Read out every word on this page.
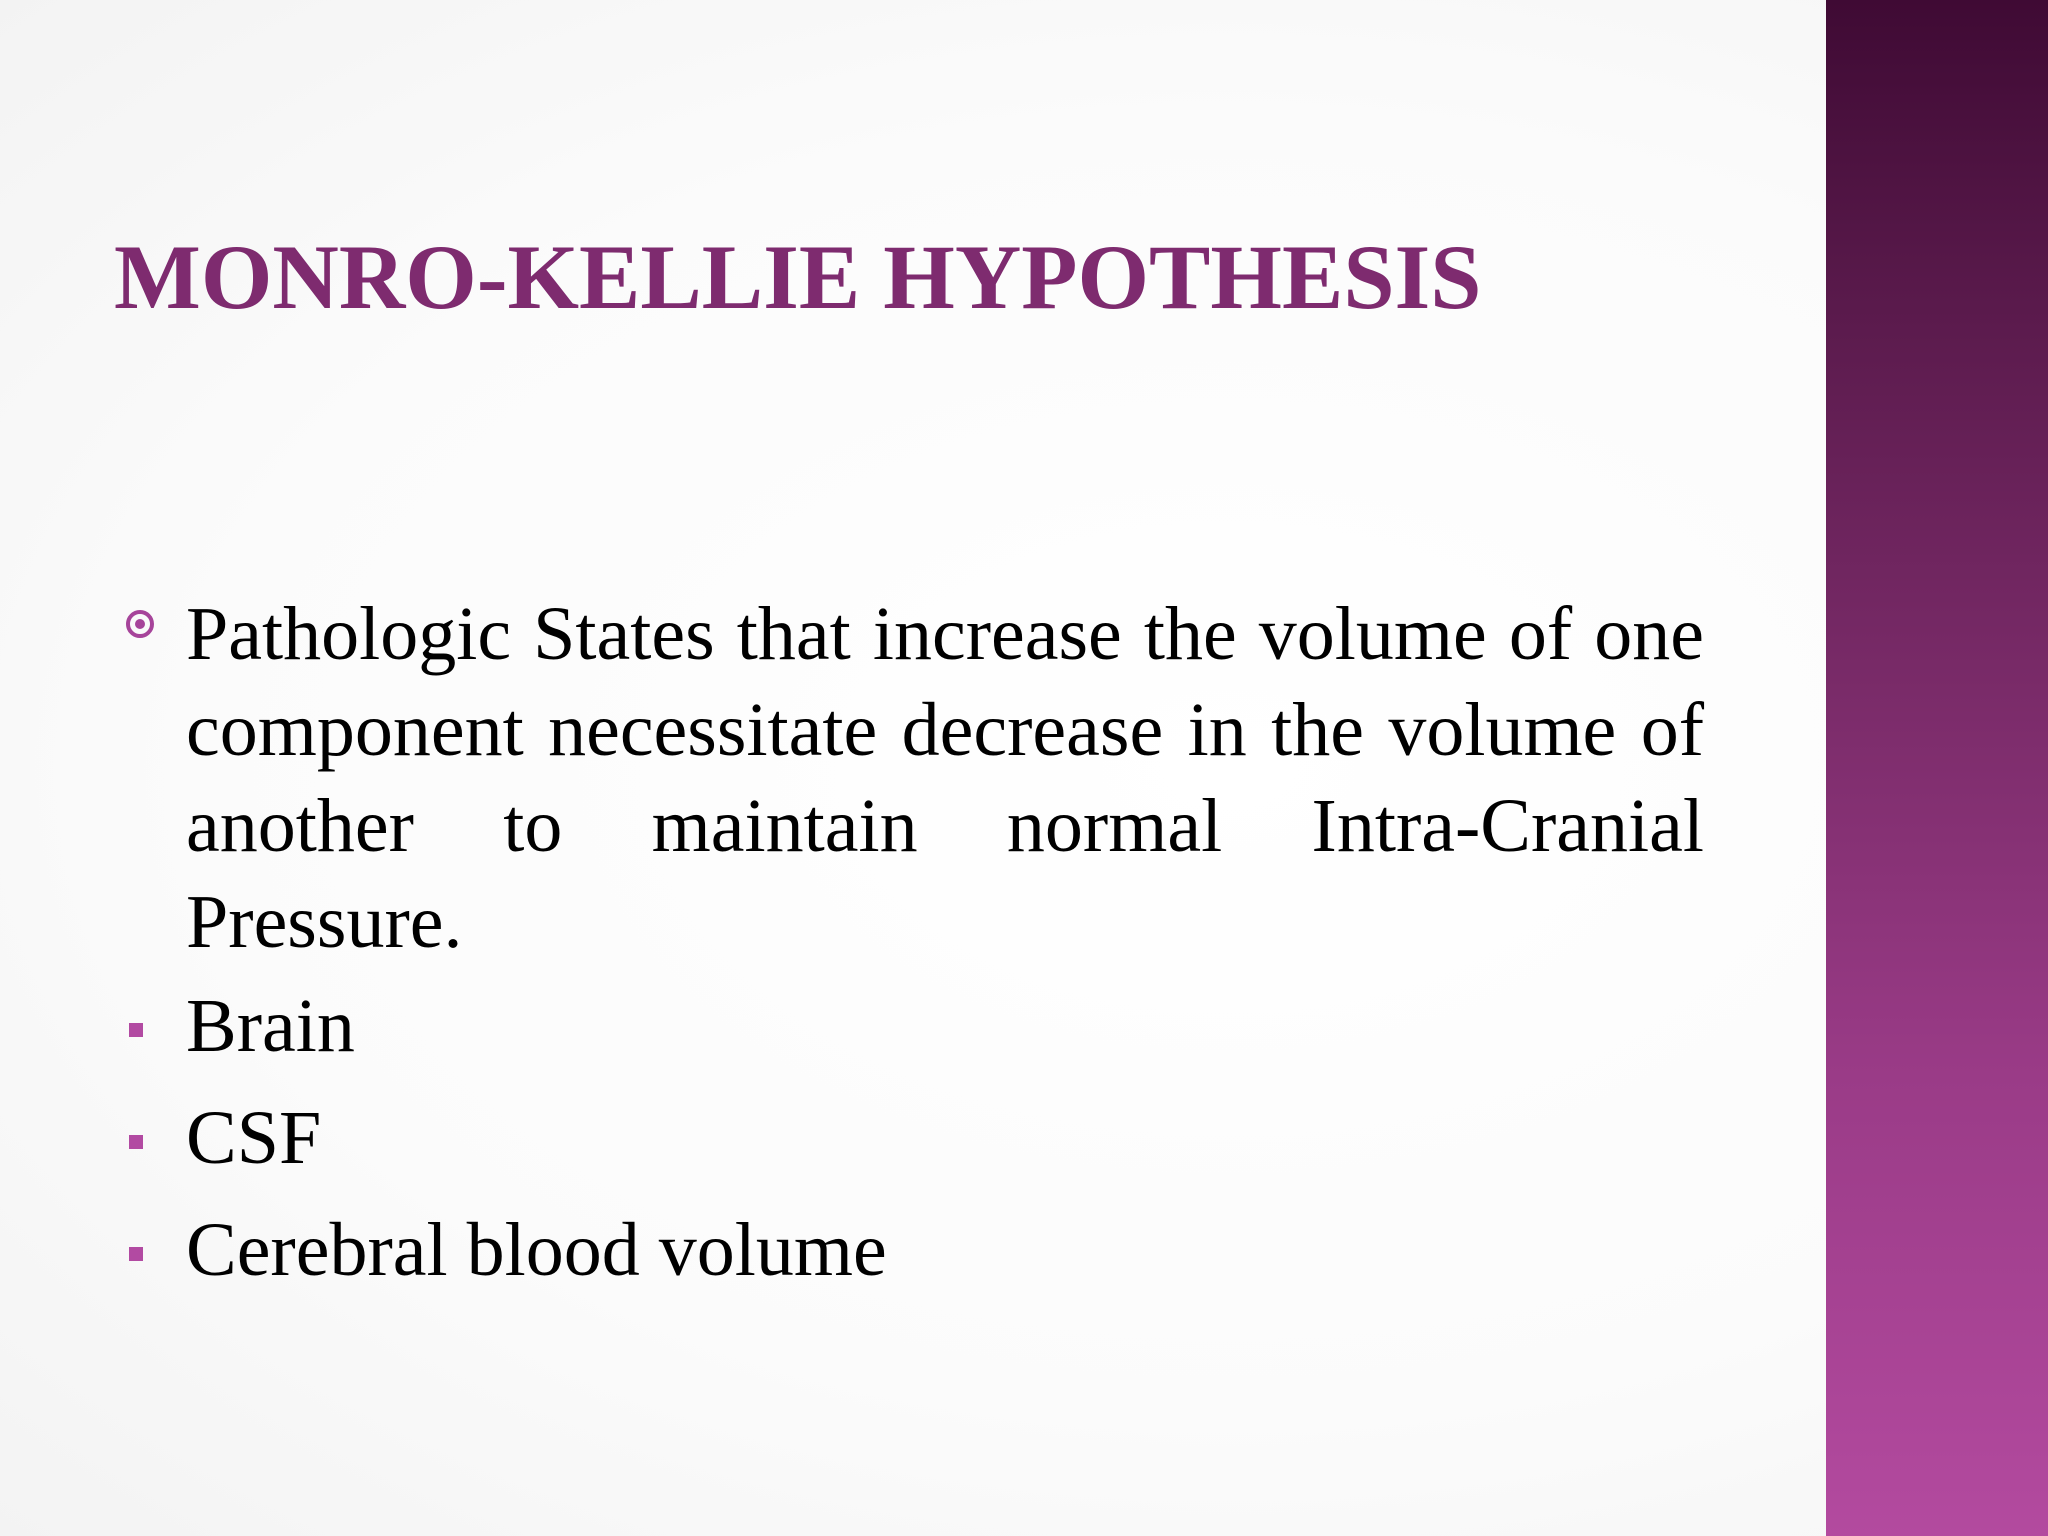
MONRO-KELLIE HYPOTHESIS

Pathologic States that increase the volume of one component necessitate decrease in the volume of another to maintain normal Intra-Cranial Pressure.

Brain
CSF
Cerebral blood volume
